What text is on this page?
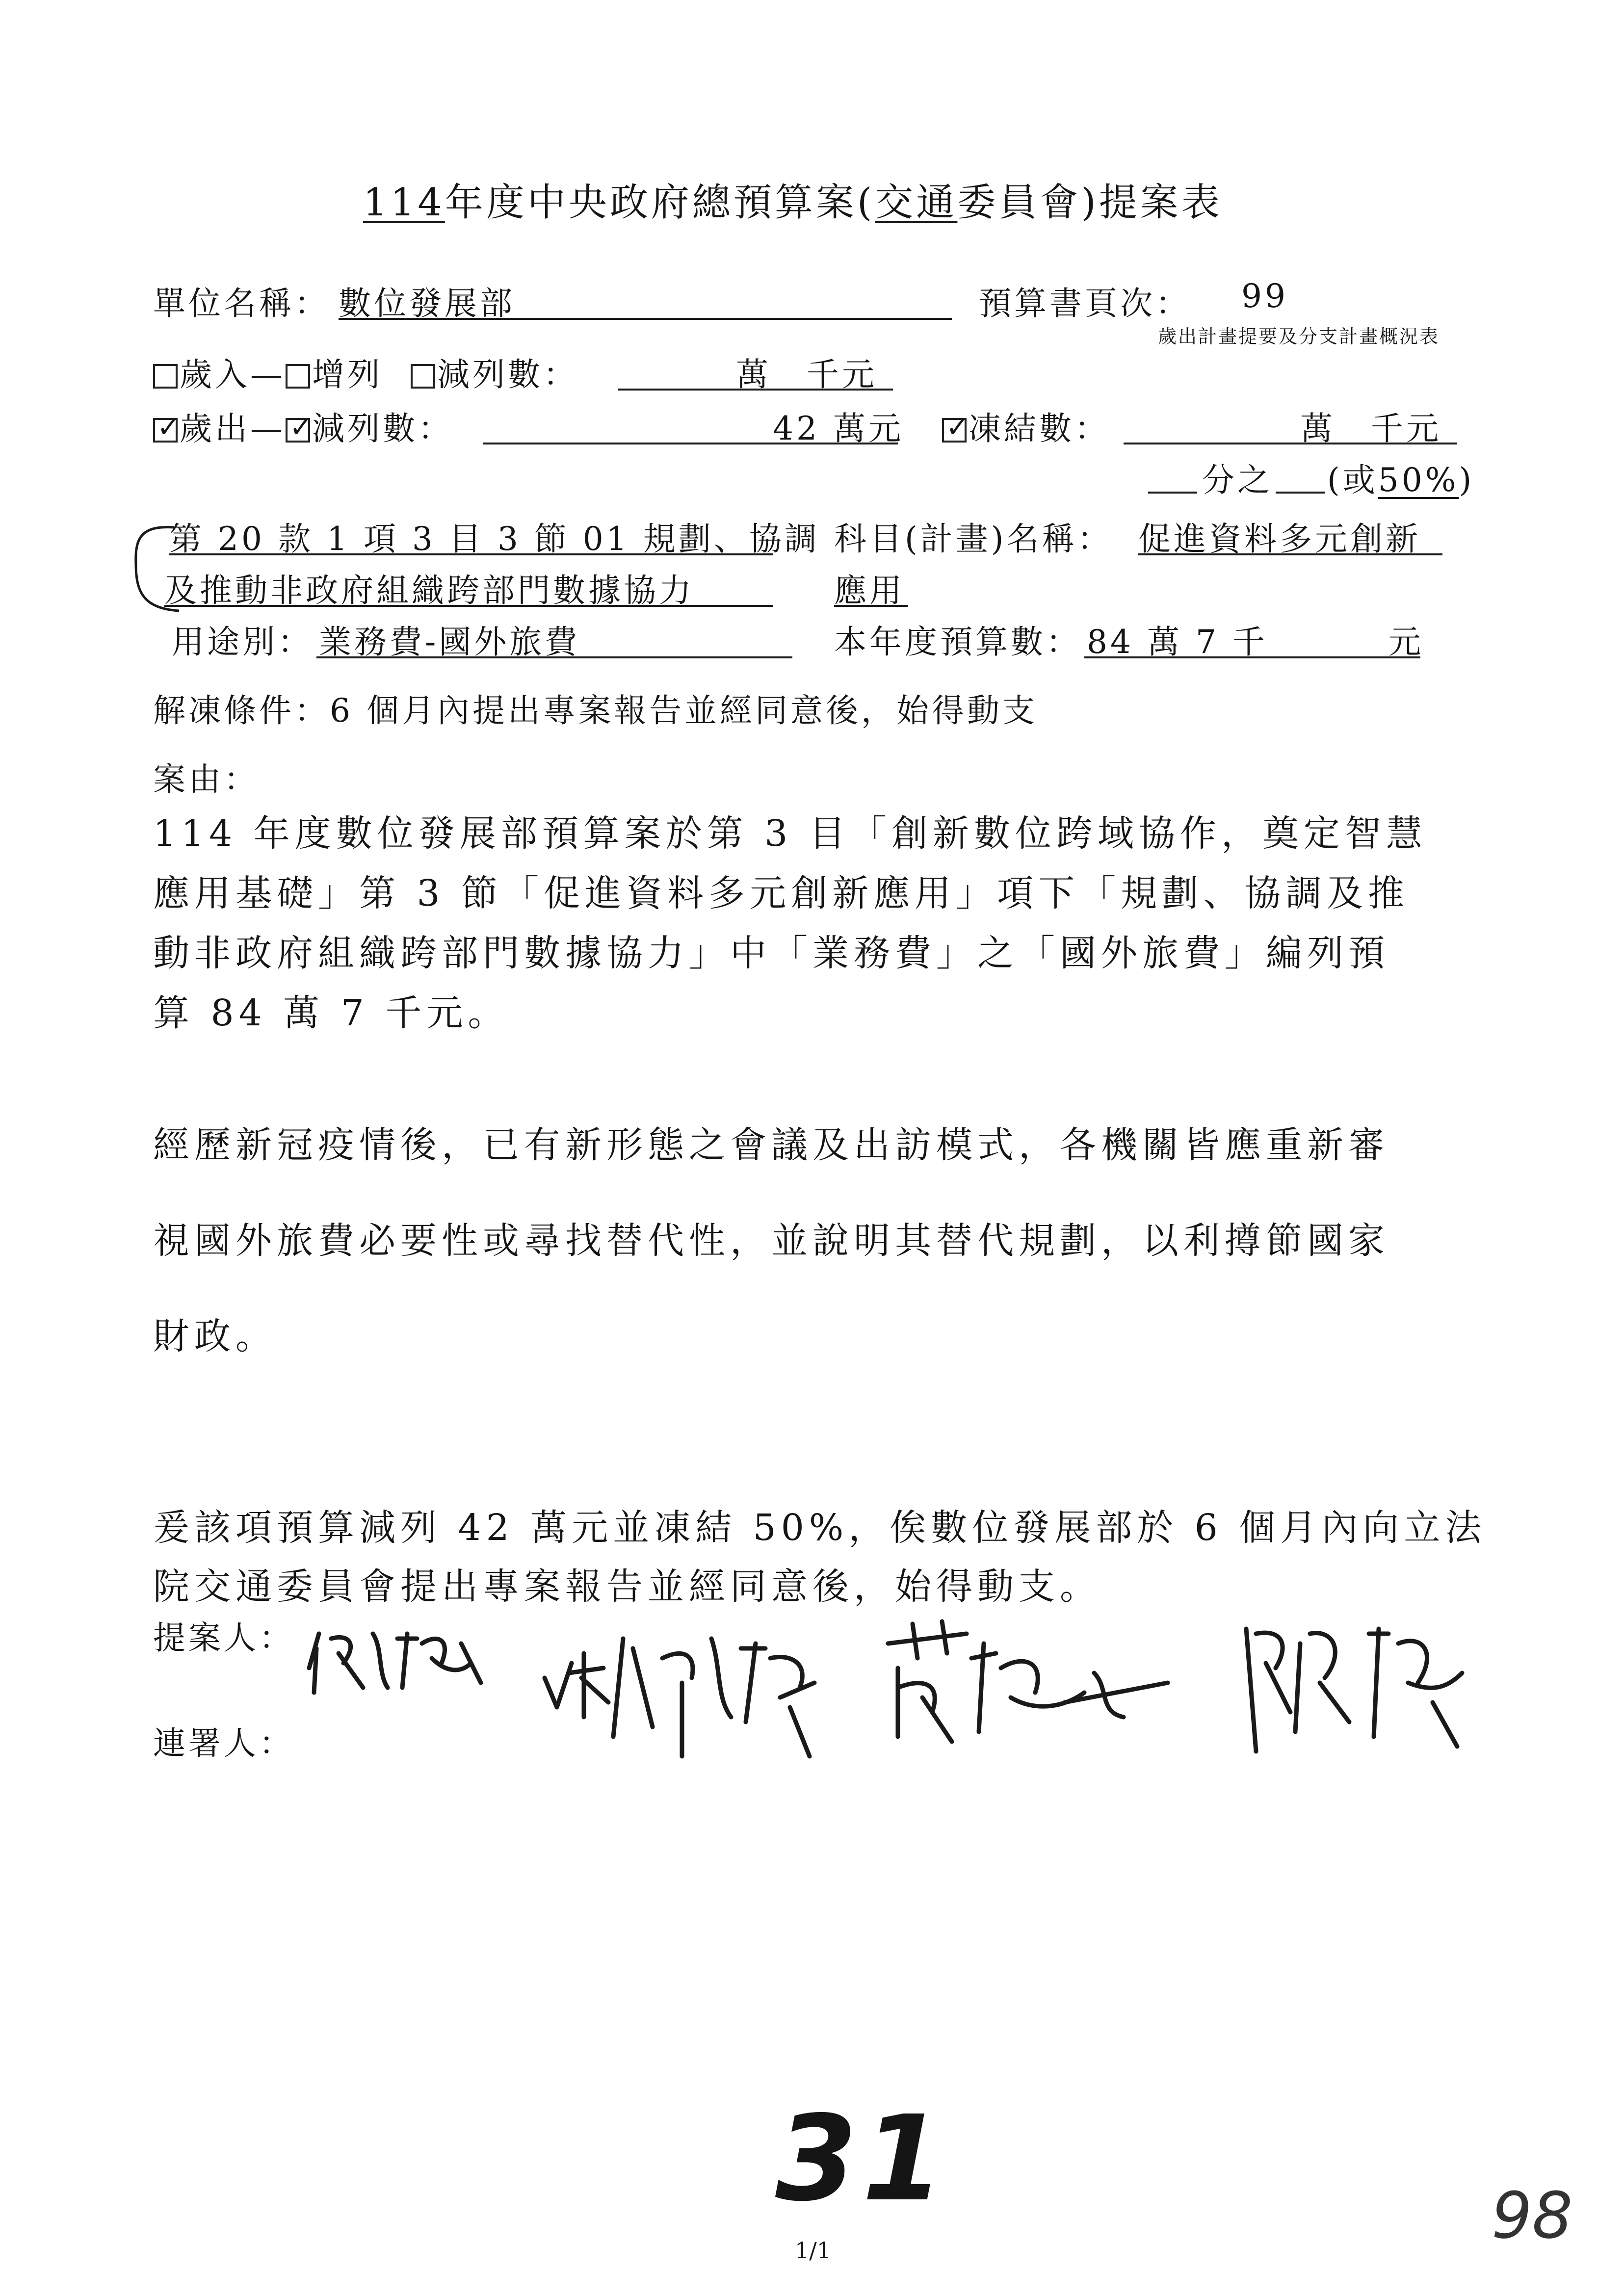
114年度中央政府總預算案(交通委員會)提案表
單位名稱： 數位發展部	預算書頁次： 99
歲出計畫提要及分支計畫概況表
歲入— 增列 減列數：	萬　千元
✓歲出— ✓ 減列數：	42 萬元 ✓	凍結數：	萬　千元
分之 (或50%)
第 20 款 1 項 3 目 3 節 01 規劃、協調
及推動非政府組織跨部門數據協力
科目(計畫)名稱： 促進資料多元創新
應用
用途別： 業務費-國外旅費	本年度預算數： 84 萬 7 千	元
解凍條件：6 個月內提出專案報告並經同意後，始得動支
案由：
114 年度數位發展部預算案於第 3 目「創新數位跨域協作，奠定智慧
應用基礎」第 3 節「促進資料多元創新應用」項下「規劃、協調及推
動非政府組織跨部門數據協力」中「業務費」之「國外旅費」編列預
算 84 萬 7 千元。
經歷新冠疫情後，已有新形態之會議及出訪模式，各機關皆應重新審
視國外旅費必要性或尋找替代性，並說明其替代規劃，以利撙節國家
財政。
爰該項預算減列 42 萬元並凍結 50%，俟數位發展部於 6 個月內向立法
院交通委員會提出專案報告並經同意後，始得動支。
提案人：
連署人：
31	98
1/1
